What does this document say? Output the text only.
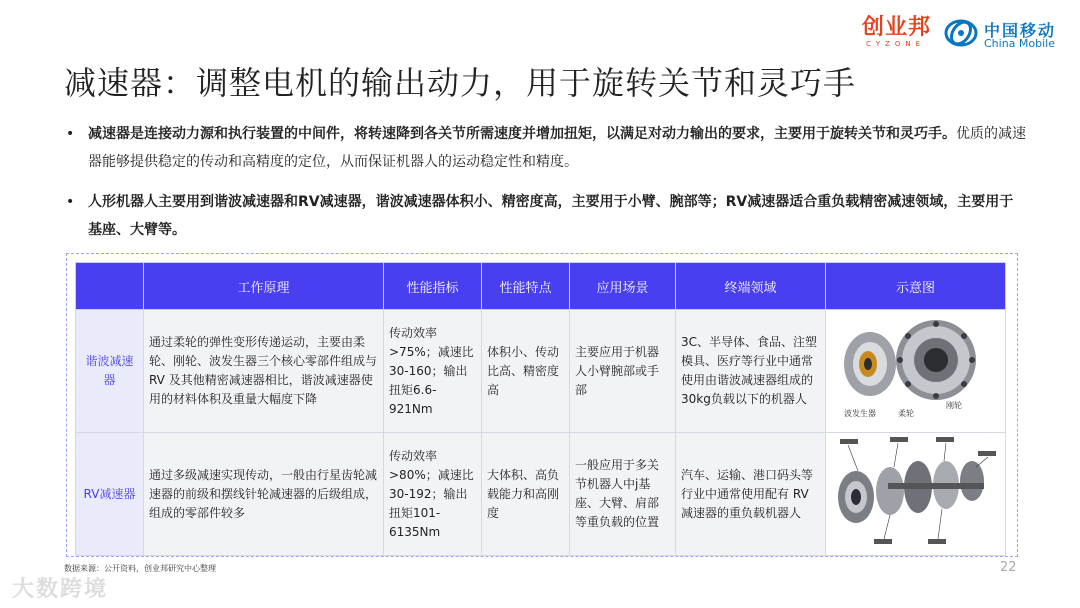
创业邦
CYZONE
中国移动
China Mobile
减速器：调整电机的输出动力，用于旋转关节和灵巧手
• 减速器是连接动力源和执行装置的中间件，将转速降到各关节所需速度并增加扭矩，以满足对动力输出的要求，主要用于旋转关节和灵巧手。优质的减速器能够提供稳定的传动和高精度的定位，从而保证机器人的运动稳定性和精度。
• 人形机器人主要用到谐波减速器和RV减速器，谐波减速器体积小、精密度高，主要用于小臂、腕部等；RV减速器适合重负载精密减速领域，主要用于基座、大臂等。
	工作原理	性能指标	性能特点	应用场景	终端领域	示意图
谐波减速器	通过柔轮的弹性变形传递运动，主要由柔轮、刚轮、波发生器三个核心零部件组成与 RV 及其他精密减速器相比，谐波减速器使用的材料体积及重量大幅度下降	传动效率>75%；减速比30-160；输出扭矩6.6-921Nm	体积小、传动比高、精密度高	主要应用于机器人小臂腕部或手部	3C、半导体、食品、注塑模具、医疗等行业中通常使用由谐波减速器组成的30kg负载以下的机器人	波发生器 柔轮
刚轮

RV减速器	通过多级减速实现传动，一般由行星齿轮减速器的前级和摆线针轮减速器的后级组成，组成的零部件较多	传动效率>80%；减速比30-192；输出扭矩101-6135Nm	大体积、高负载能力和高刚度	一般应用于多关节机器人中j基座、大臂、肩部等重负载的位置	汽车、运输、港口码头等行业中通常使用配有 RV 减速器的重负载机器人	
数据来源：公开资料，创业邦研究中心整理	22
大数跨境
